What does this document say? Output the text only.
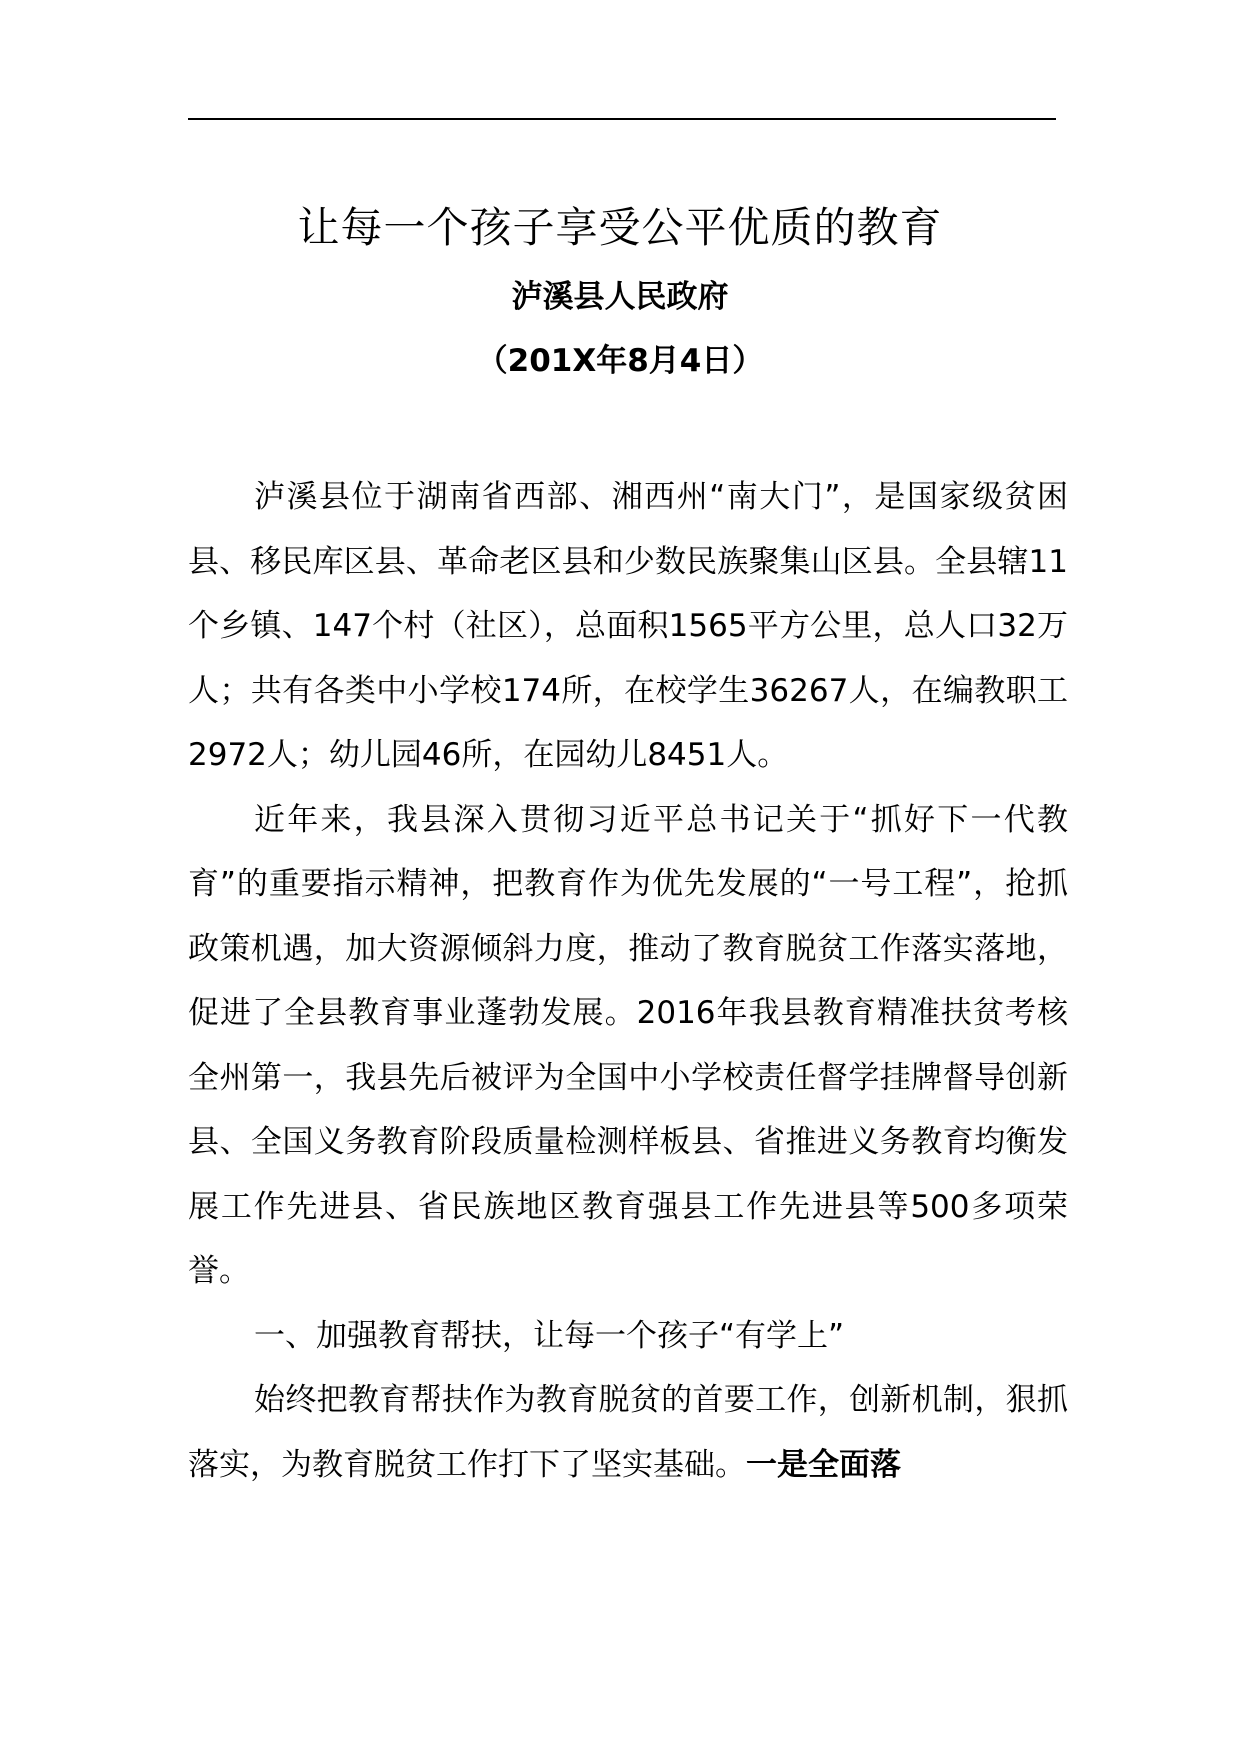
让每一个孩子享受公平优质的教育
泸溪县人民政府
（201X年8月4日）

泸溪县位于湖南省西部、湘西州“南大门”，是国家级贫困县、移民库区县、革命老区县和少数民族聚集山区县。全县辖11个乡镇、147个村（社区），总面积1565平方公里，总人口32万人；共有各类中小学校174所，在校学生36267人，在编教职工2972人；幼儿园46所，在园幼儿8451人。

近年来，我县深入贯彻习近平总书记关于“抓好下一代教育”的重要指示精神，把教育作为优先发展的“一号工程”，抢抓政策机遇，加大资源倾斜力度，推动了教育脱贫工作落实落地，促进了全县教育事业蓬勃发展。2016年我县教育精准扶贫考核全州第一，我县先后被评为全国中小学校责任督学挂牌督导创新县、全国义务教育阶段质量检测样板县、省推进义务教育均衡发展工作先进县、省民族地区教育强县工作先进县等500多项荣誉。

一、加强教育帮扶，让每一个孩子“有学上”

始终把教育帮扶作为教育脱贫的首要工作，创新机制，狠抓落实，为教育脱贫工作打下了坚实基础。一是全面落
